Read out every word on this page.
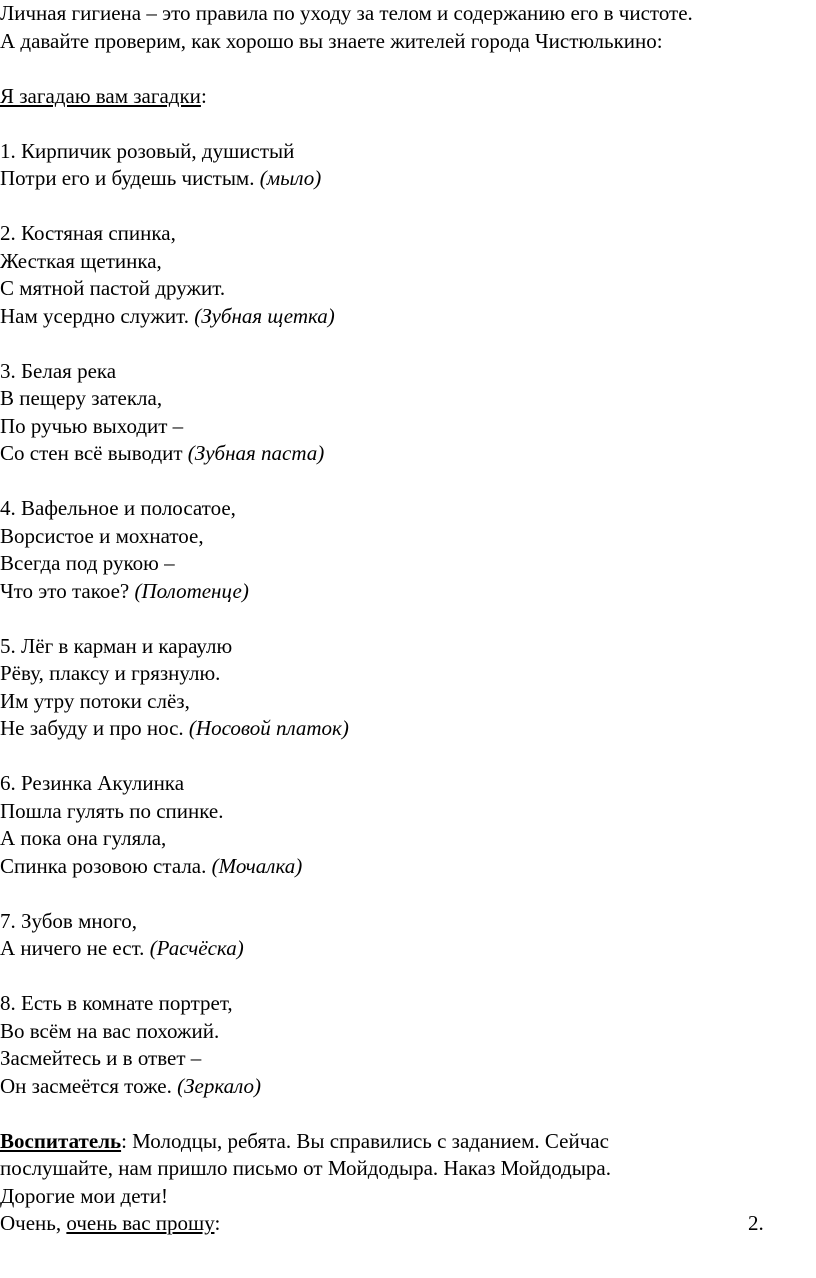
Личная гигиена – это правила по уходу за телом и содержанию его в чистоте.
А давайте проверим, как хорошо вы знаете жителей города Чистюлькино:
Я загадаю вам загадки:
1. Кирпичик розовый, душистый
Потри его и будешь чистым. (мыло)
2. Костяная спинка,
Жесткая щетинка,
С мятной пастой дружит.
Нам усердно служит. (Зубная щетка)
3. Белая река
В пещеру затекла,
По ручью выходит –
Со стен всё выводит (Зубная паста)
4. Вафельное и полосатое,
Ворсистое и мохнатое,
Всегда под рукою –
Что это такое? (Полотенце)
5. Лёг в карман и караулю
Рёву, плаксу и грязнулю.
Им утру потоки слёз,
Не забуду и про нос. (Носовой платок)
6. Резинка Акулинка
Пошла гулять по спинке.
А пока она гуляла,
Спинка розовою стала. (Мочалка)
7. Зубов много,
А ничего не ест. (Расчёска)
8. Есть в комнате портрет,
Во всём на вас похожий.
Засмейтесь и в ответ –
Он засмеётся тоже. (Зеркало)
Воспитатель: Молодцы, ребята. Вы справились с заданием. Сейчас
послушайте, нам пришло письмо от Мойдодыра. Наказ Мойдодыра.
Дорогие мои дети!
Очень, очень вас прошу:	2.
